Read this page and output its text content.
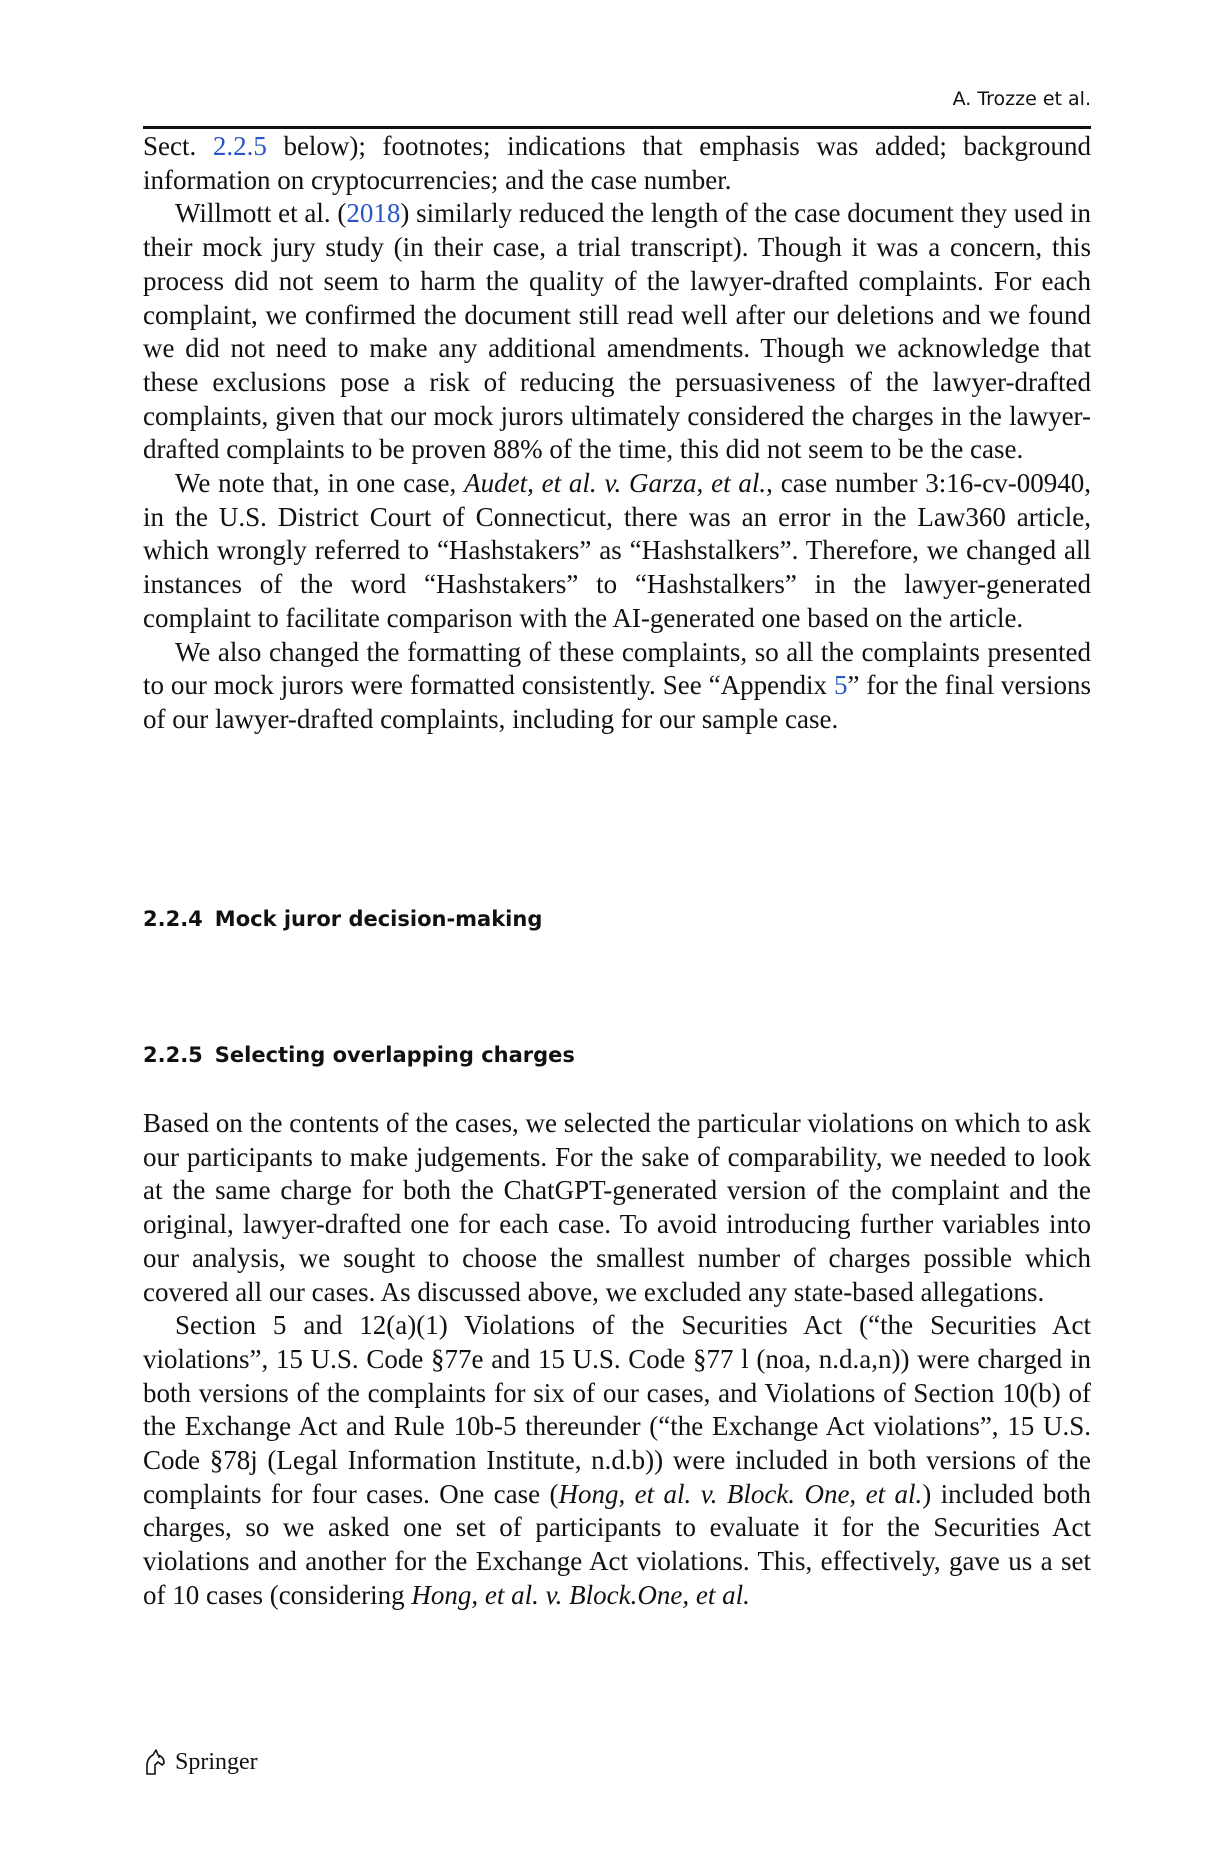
A. Trozze et al.

Sect. 2.2.5 below); footnotes; indications that emphasis was added; background information on cryptocurrencies; and the case number.

Willmott et al. (2018) similarly reduced the length of the case document they used in their mock jury study (in their case, a trial transcript). Though it was a concern, this process did not seem to harm the quality of the lawyer-drafted complaints. For each complaint, we confirmed the document still read well after our deletions and we found we did not need to make any additional amendments. Though we acknowledge that these exclusions pose a risk of reducing the persuasiveness of the lawyer-drafted complaints, given that our mock jurors ultimately considered the charges in the lawyer-drafted complaints to be proven 88% of the time, this did not seem to be the case.

We note that, in one case, Audet, et al. v. Garza, et al., case number 3:16-cv-00940, in the U.S. District Court of Connecticut, there was an error in the Law360 article, which wrongly referred to “Hashstakers” as “Hashstalkers”. Therefore, we changed all instances of the word “Hashstakers” to “Hashstalkers” in the lawyer-generated complaint to facilitate comparison with the AI-generated one based on the article.

We also changed the formatting of these complaints, so all the complaints presented to our mock jurors were formatted consistently. See “Appendix 5” for the final versions of our lawyer-drafted complaints, including for our sample case.

2.2.4 Mock juror decision-making
2.2.5 Selecting overlapping charges

Based on the contents of the cases, we selected the particular violations on which to ask our participants to make judgements. For the sake of comparability, we needed to look at the same charge for both the ChatGPT-generated version of the complaint and the original, lawyer-drafted one for each case. To avoid introducing further variables into our analysis, we sought to choose the smallest number of charges possible which covered all our cases. As discussed above, we excluded any state-based allegations.

Section 5 and 12(a)(1) Violations of the Securities Act (“the Securities Act violations”, 15 U.S. Code §77e and 15 U.S. Code §77 l (noa, n.d.a,n)) were charged in both versions of the complaints for six of our cases, and Violations of Section 10(b) of the Exchange Act and Rule 10b-5 thereunder (“the Exchange Act violations”, 15 U.S. Code §78j (Legal Information Institute, n.d.b)) were included in both versions of the complaints for four cases. One case (Hong, et al. v. Block. One, et al.) included both charges, so we asked one set of participants to evaluate it for the Securities Act violations and another for the Exchange Act violations. This, effectively, gave us a set of 10 cases (considering Hong, et al. v. Block.One, et al.

Springer
